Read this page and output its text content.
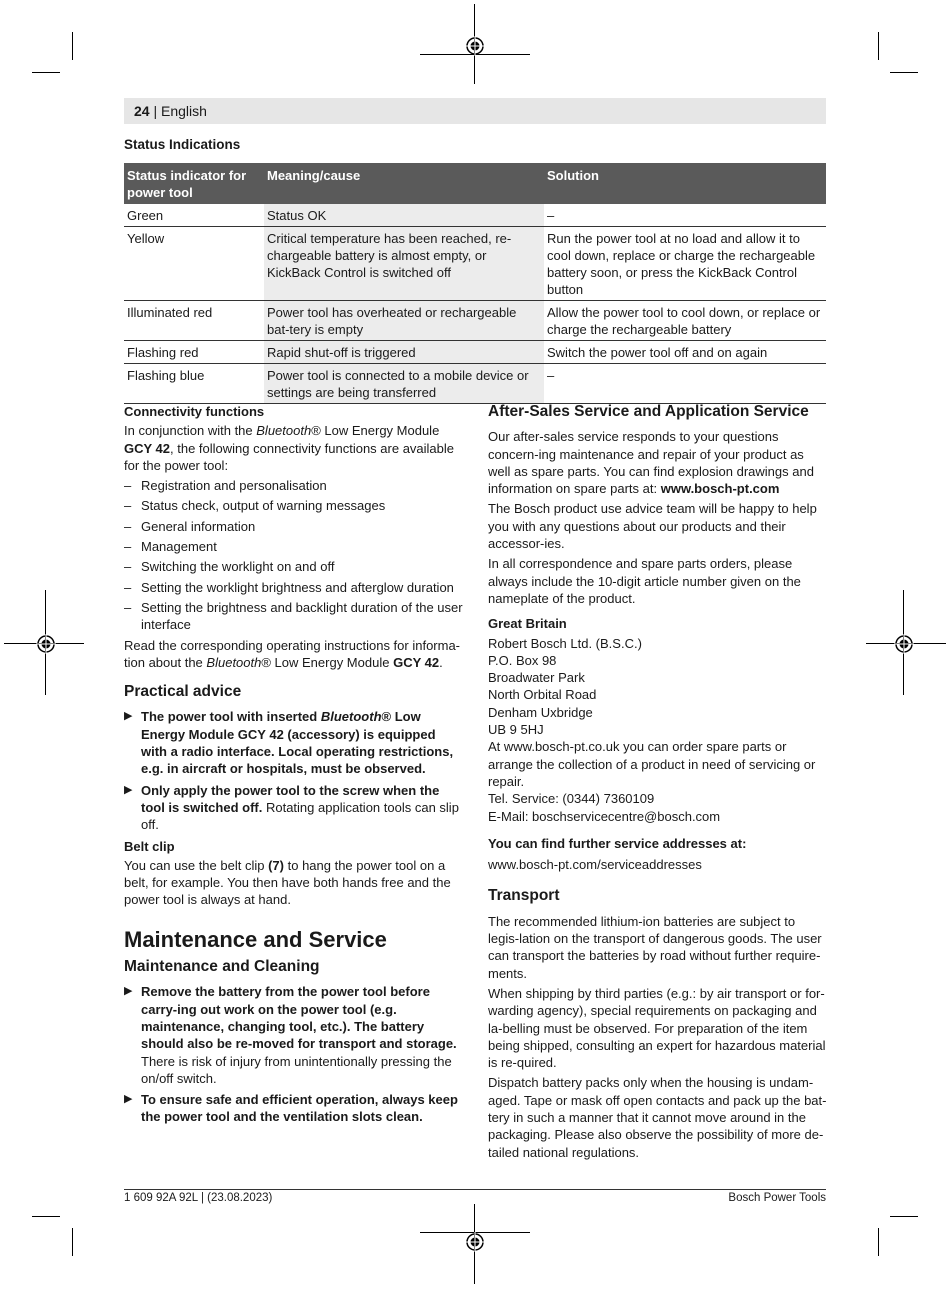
24 | English
Status Indications
Status indicator for power tool	Meaning/cause	Solution
Green	Status OK	–
Yellow	Critical temperature has been reached, re-chargeable battery is almost empty, or KickBack Control is switched off	Run the power tool at no load and allow it to cool down, replace or charge the rechargeable battery soon, or press the KickBack Control button
Illuminated red	Power tool has overheated or rechargeable bat-tery is empty	Allow the power tool to cool down, or replace or charge the rechargeable battery
Flashing red	Rapid shut-off is triggered	Switch the power tool off and on again
Flashing blue	Power tool is connected to a mobile device or settings are being transferred	–
Connectivity functions

In conjunction with the Bluetooth® Low Energy Module GCY 42, the following connectivity functions are available for the power tool:

– Registration and personalisation
– Status check, output of warning messages
– General information
– Management
– Switching the worklight on and off
– Setting the worklight brightness and afterglow duration
– Setting the brightness and backlight duration of the user interface

Read the corresponding operating instructions for informa-tion about the Bluetooth® Low Energy Module GCY 42.

Practical advice
▶ The power tool with inserted Bluetooth® Low Energy Module GCY 42 (accessory) is equipped with a radio interface. Local operating restrictions, e.g. in aircraft or hospitals, must be observed.
▶ Only apply the power tool to the screw when the tool is switched off. Rotating application tools can slip off.
Belt clip

You can use the belt clip (7) to hang the power tool on a belt, for example. You then have both hands free and the power tool is always at hand.

Maintenance and Service
Maintenance and Cleaning
▶ Remove the battery from the power tool before carry-ing out work on the power tool (e.g. maintenance, changing tool, etc.). The battery should also be re-moved for transport and storage. There is risk of injury from unintentionally pressing the on/off switch.
▶ To ensure safe and efficient operation, always keep the power tool and the ventilation slots clean.
After-Sales Service and Application Service

Our after-sales service responds to your questions concern-ing maintenance and repair of your product as well as spare parts. You can find explosion drawings and information on spare parts at: www.bosch-pt.com

The Bosch product use advice team will be happy to help you with any questions about our products and their accessor-ies.

In all correspondence and spare parts orders, please always include the 10‑digit article number given on the nameplate of the product.

Great Britain
Robert Bosch Ltd. (B.S.C.)
P.O. Box 98
Broadwater Park
North Orbital Road
Denham Uxbridge
UB 9 5HJ
At www.bosch-pt.co.uk you can order spare parts or arrange the collection of a product in need of servicing or repair.
Tel. Service: (0344) 7360109
E-Mail: boschservicecentre@bosch.com
You can find further service addresses at:
www.bosch-pt.com/serviceaddresses
Transport

The recommended lithium-ion batteries are subject to legis-lation on the transport of dangerous goods. The user can transport the batteries by road without further require-ments.

When shipping by third parties (e.g.: by air transport or for-warding agency), special requirements on packaging and la-belling must be observed. For preparation of the item being shipped, consulting an expert for hazardous material is re-quired.

Dispatch battery packs only when the housing is undam-aged. Tape or mask off open contacts and pack up the bat-tery in such a manner that it cannot move around in the packaging. Please also observe the possibility of more de-tailed national regulations.

1 609 92A 92L | (23.08.2023)	Bosch Power Tools
